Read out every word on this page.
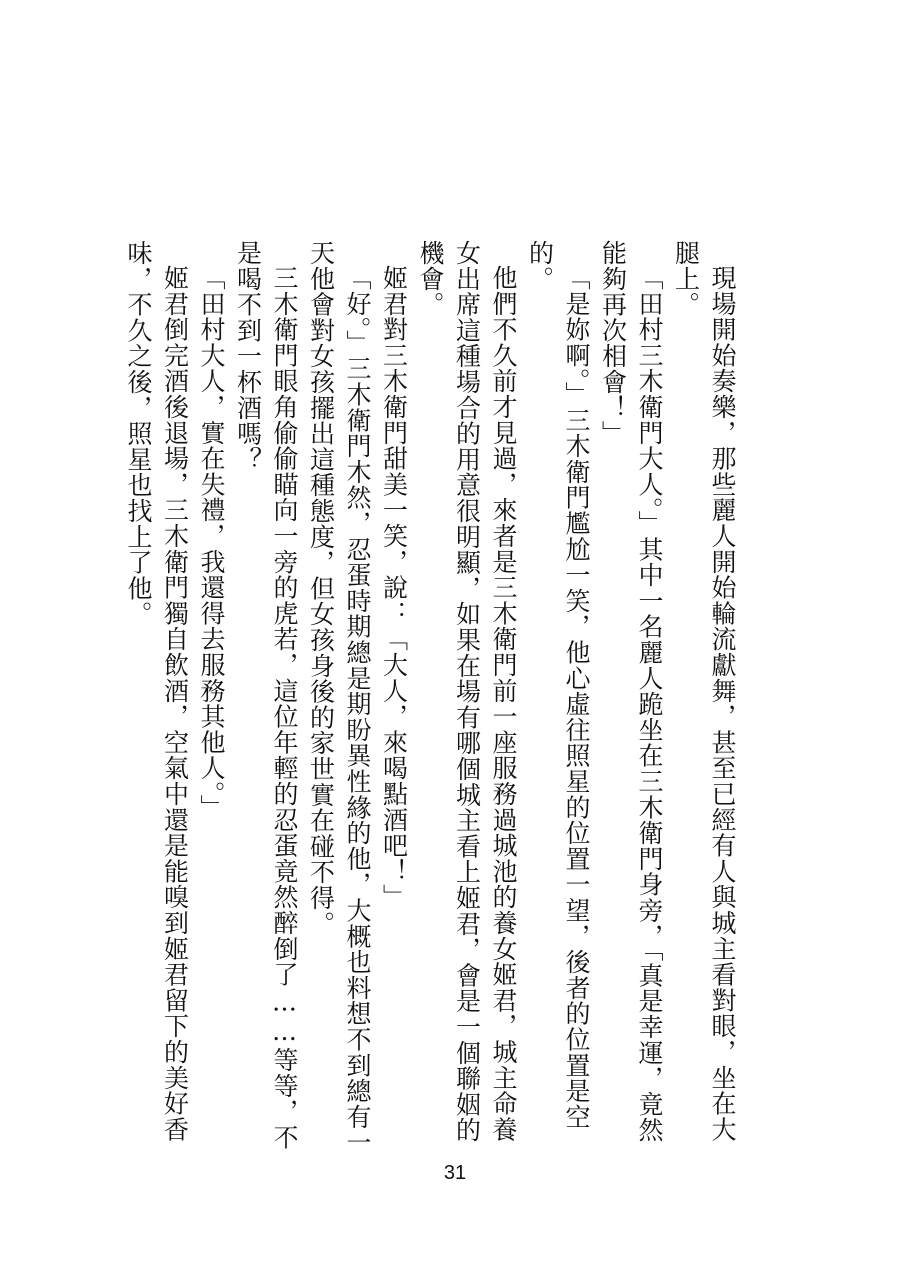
現場開始奏樂，那些麗人開始輪流獻舞，甚至已經有人與城主看對眼，坐在大腿上。

「田村三木衛門大人。」其中一名麗人跪坐在三木衛門身旁，「真是幸運，竟然能夠再次相會！」

「是妳啊。」三木衛門尷尬一笑，他心虛往照星的位置一望，後者的位置是空的。

他們不久前才見過，來者是三木衛門前一座服務過城池的養女姬君，城主命養女出席這種場合的用意很明顯，如果在場有哪個城主看上姬君，會是一個聯姻的機會。

姬君對三木衛門甜美一笑，說：「大人，來喝點酒吧！」

「好。」三木衛門木然，忍蛋時期總是期盼異性緣的他，大概也料想不到總有一天他會對女孩擺出這種態度，但女孩身後的家世實在碰不得。

三木衛門眼角偷偷瞄向一旁的虎若，這位年輕的忍蛋竟然醉倒了……等等，不是喝不到一杯酒嗎？

「田村大人，實在失禮，我還得去服務其他人。」

姬君倒完酒後退場，三木衛門獨自飲酒，空氣中還是能嗅到姬君留下的美好香味，不久之後，照星也找上了他。

31
